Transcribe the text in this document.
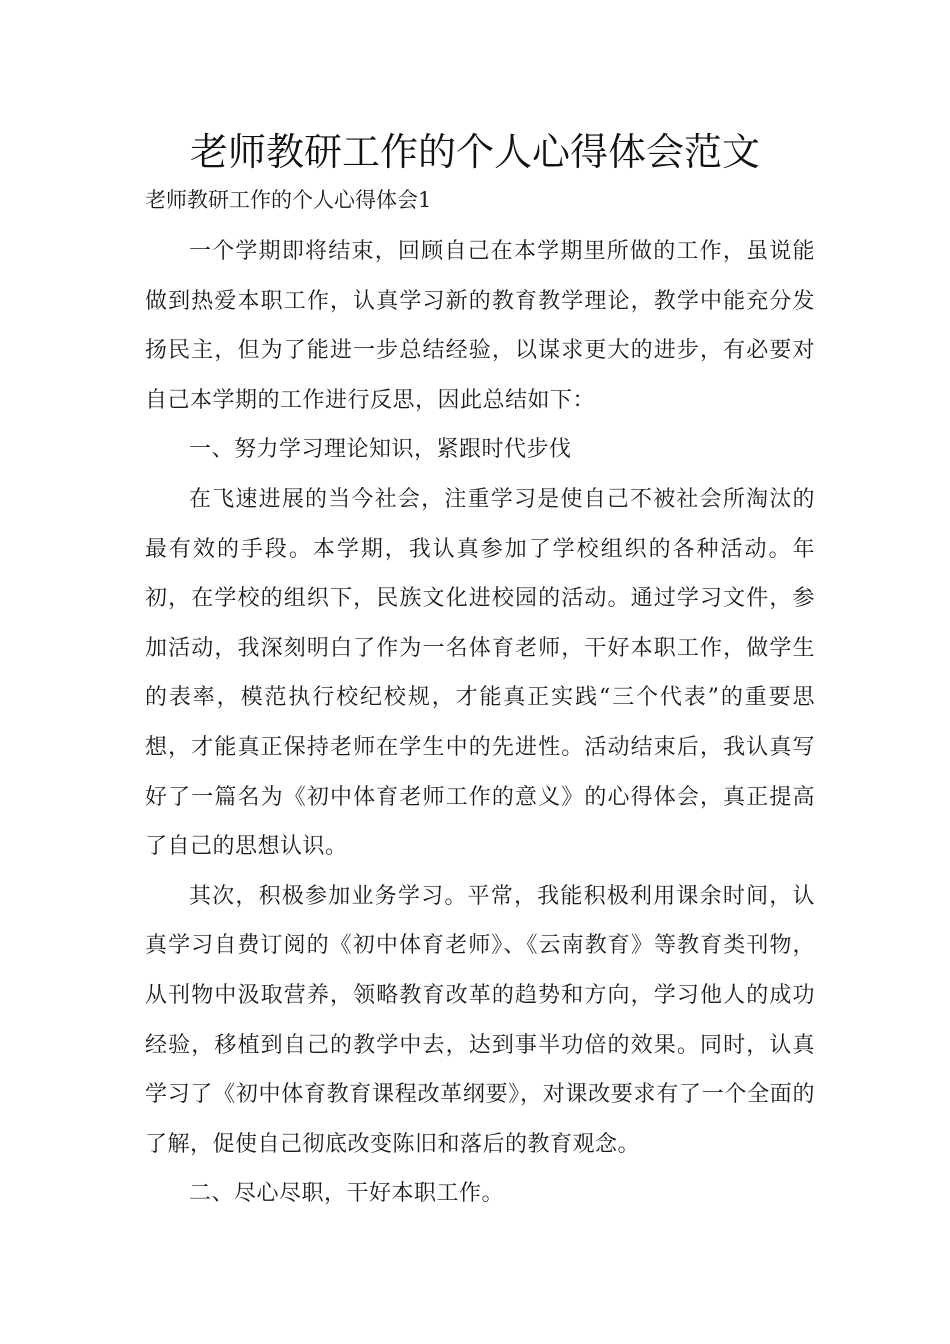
老师教研工作的个人心得体会范文

老师教研工作的个人心得体会1

一个学期即将结束，回顾自己在本学期里所做的工作，虽说能做到热爱本职工作，认真学习新的教育教学理论，教学中能充分发扬民主，但为了能进一步总结经验，以谋求更大的进步，有必要对自己本学期的工作进行反思，因此总结如下：

一、努力学习理论知识，紧跟时代步伐

在飞速进展的当今社会，注重学习是使自己不被社会所淘汰的最有效的手段。本学期，我认真参加了学校组织的各种活动。年初，在学校的组织下，民族文化进校园的活动。通过学习文件，参加活动，我深刻明白了作为一名体育老师，干好本职工作，做学生的表率，模范执行校纪校规，才能真正实践“三个代表”的重要思想，才能真正保持老师在学生中的先进性。活动结束后，我认真写好了一篇名为《初中体育老师工作的意义》的心得体会，真正提高了自己的思想认识。

其次，积极参加业务学习。平常，我能积极利用课余时间，认真学习自费订阅的《初中体育老师》、《云南教育》等教育类刊物，从刊物中汲取营养，领略教育改革的趋势和方向，学习他人的成功经验，移植到自己的教学中去，达到事半功倍的效果。同时，认真学习了《初中体育教育课程改革纲要》，对课改要求有了一个全面的了解，促使自己彻底改变陈旧和落后的教育观念。

二、尽心尽职，干好本职工作。
